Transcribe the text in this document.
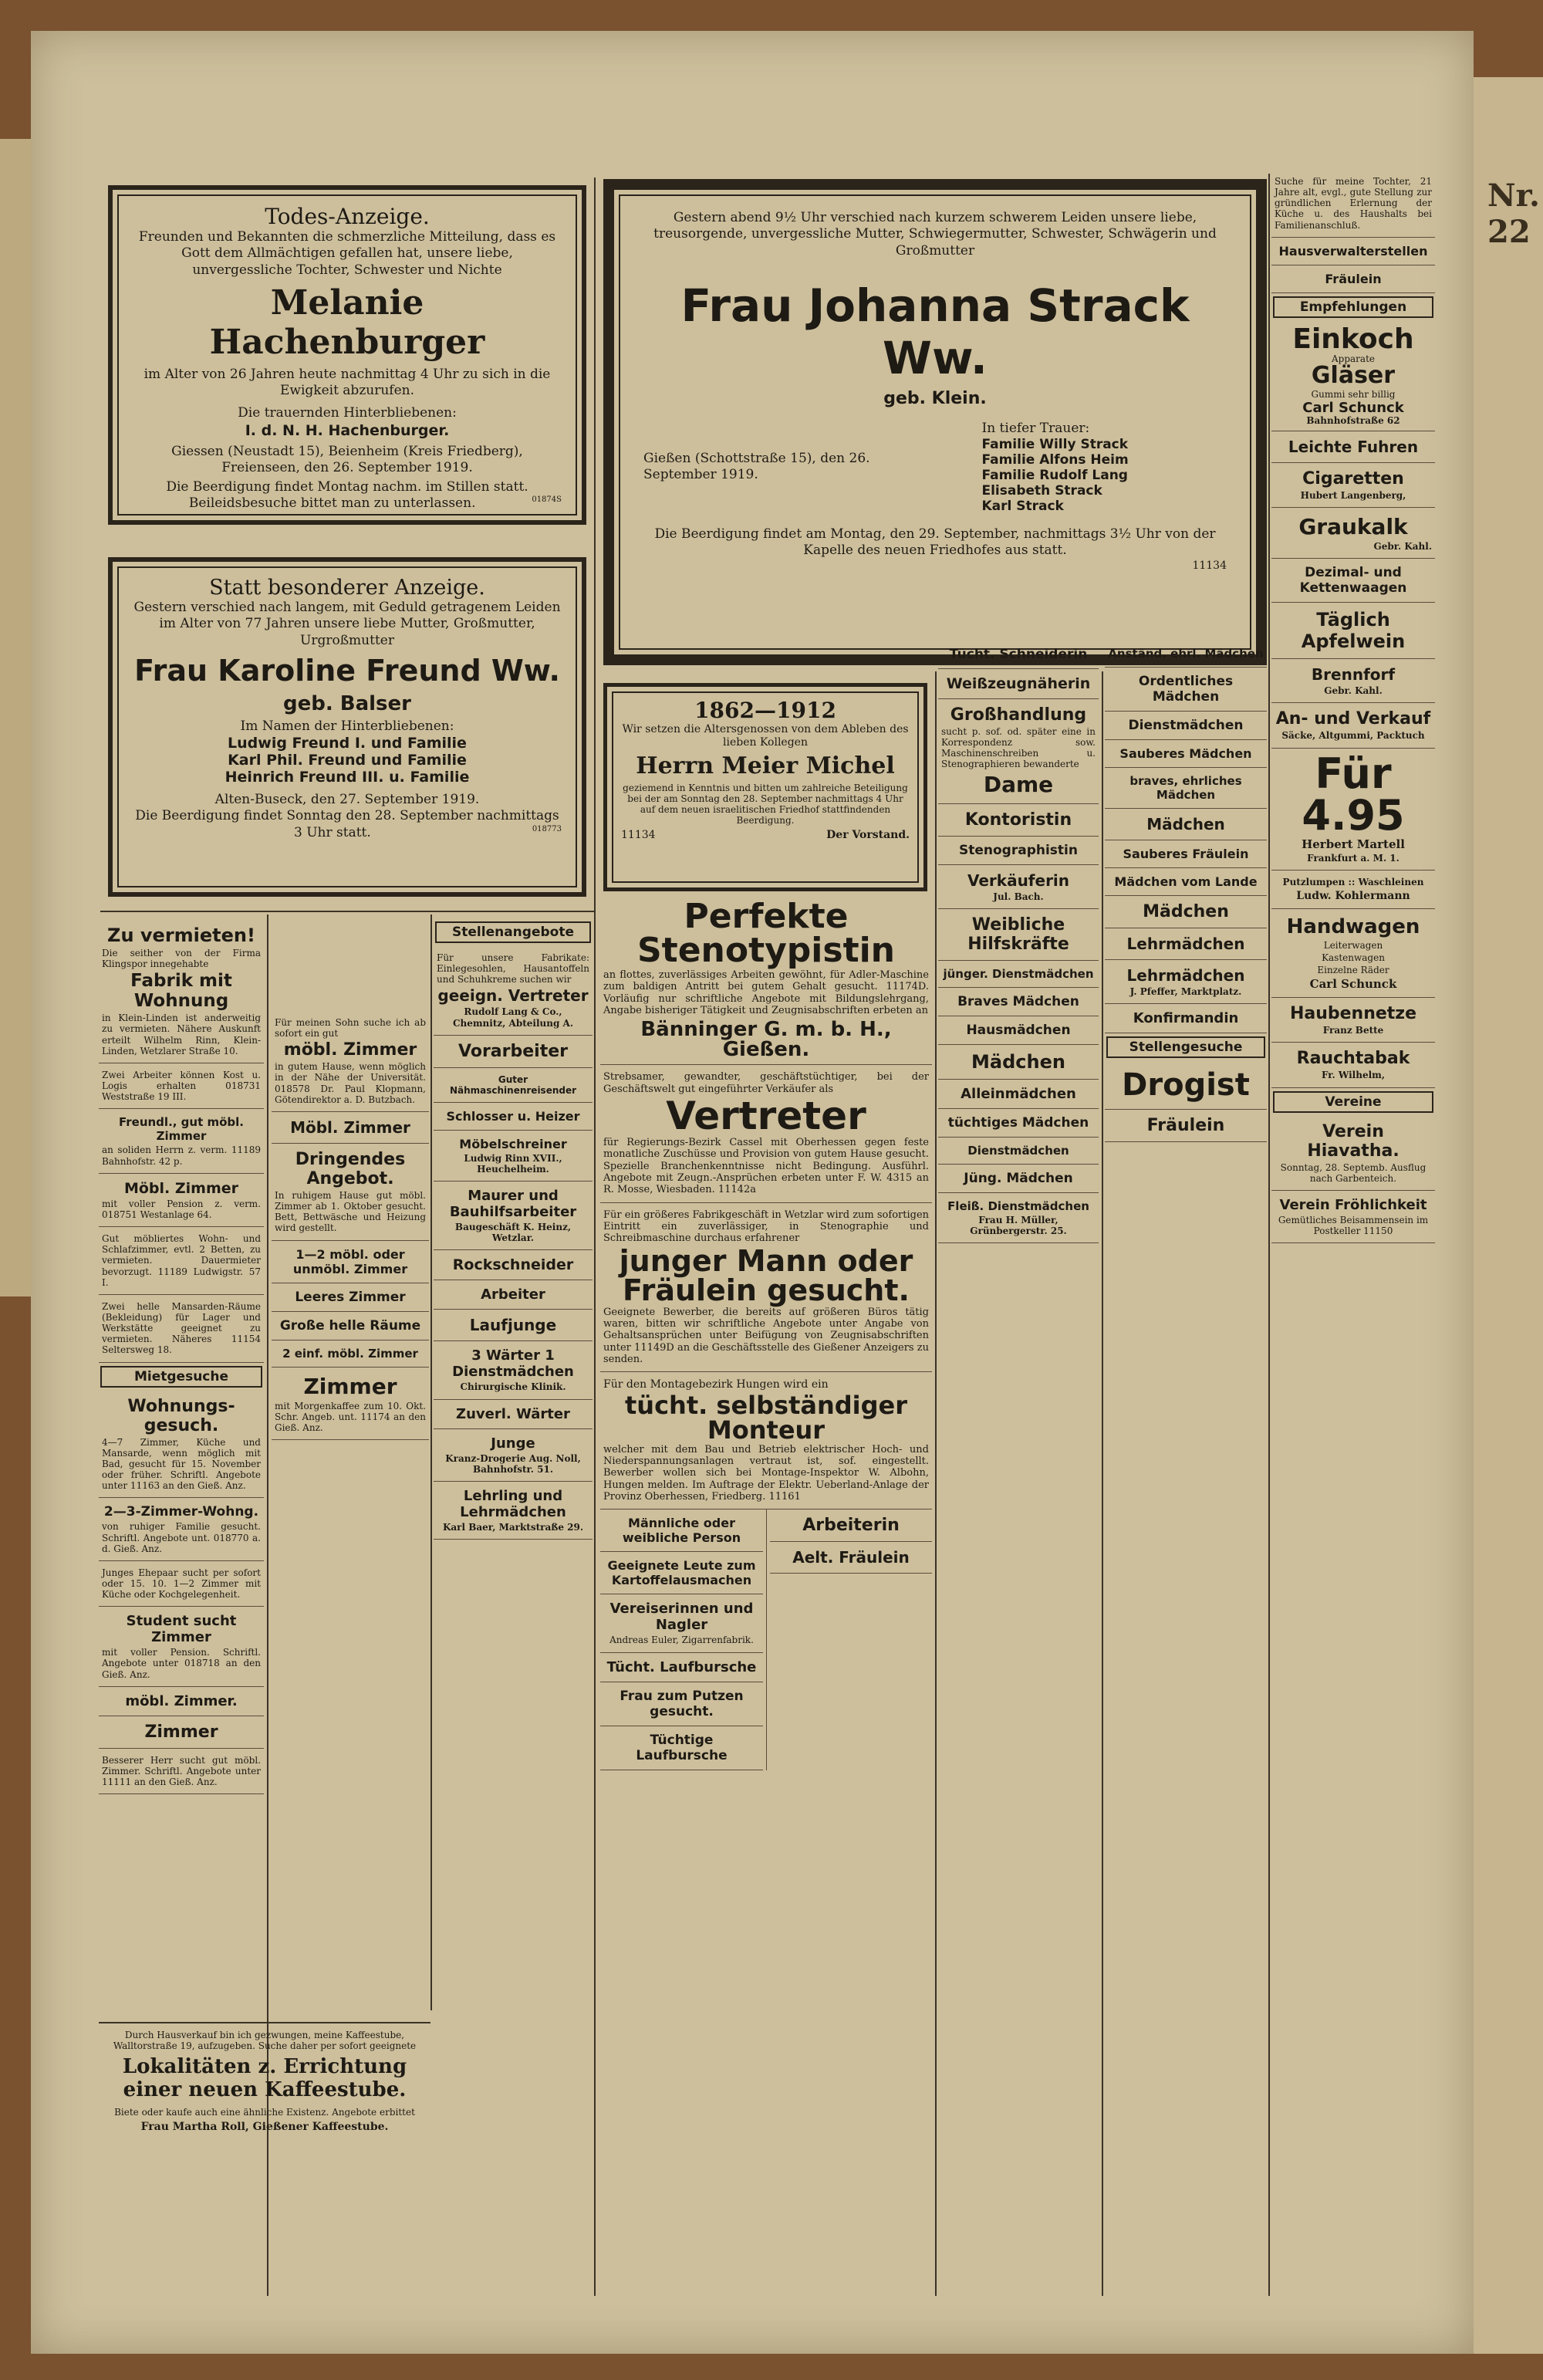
Nr. 22
Todes-Anzeige.
Freunden und Bekannten die schmerzliche Mitteilung, dass es Gott dem Allmächtigen gefallen hat, unsere liebe, unvergessliche Tochter, Schwester und Nichte
Melanie Hachenburger
im Alter von 26 Jahren heute nachmittag 4 Uhr zu sich in die Ewigkeit abzurufen.
Die trauernden Hinterbliebenen:
I. d. N. H. Hachenburger.
Giessen (Neustadt 15), Beienheim (Kreis Friedberg), Freienseen, den 26. September 1919.
Die Beerdigung findet Montag nachm. im Stillen statt.
Beileidsbesuche bittet man zu unterlassen.	01874S
Statt besonderer Anzeige.
Gestern verschied nach langem, mit Geduld getragenem Leiden im Alter von 77 Jahren unsere liebe Mutter, Großmutter, Urgroßmutter
Frau Karoline Freund Ww.
geb. Balser
Im Namen der Hinterbliebenen:
Ludwig Freund I. und Familie
Karl Phil. Freund und Familie
Heinrich Freund III. u. Familie
Alten-Buseck, den 27. September 1919.
Die Beerdigung findet Sonntag den 28. September nachmittags 3 Uhr statt.	018773
Gestern abend 9½ Uhr verschied nach kurzem schwerem Leiden unsere liebe, treusorgende, unvergessliche Mutter, Schwiegermutter, Schwester, Schwägerin und Großmutter
Frau Johanna Strack Ww.
geb. Klein.
Gießen (Schottstraße 15), den 26. September 1919.
In tiefer Trauer:
Familie Willy Strack
Familie Alfons Heim
Familie Rudolf Lang
Elisabeth Strack
Karl Strack
Die Beerdigung findet am Montag, den 29. September, nachmittags 3½ Uhr von der Kapelle des neuen Friedhofes aus statt.
11134
1862—1912
Wir setzen die Altersgenossen von dem Ableben des lieben Kollegen
Herrn Meier Michel
geziemend in Kenntnis und bitten um zahlreiche Beteiligung bei der am Sonntag den 28. September nachmittags 4 Uhr auf dem neuen israelitischen Friedhof stattfindenden Beerdigung.
11134	Der Vorstand.
Zu vermieten!

Die seither von der Firma Klingspor innegehabte

Fabrik mit Wohnung

in Klein-Linden ist anderweitig zu vermieten. Nähere Auskunft erteilt Wilhelm Rinn, Klein-Linden, Wetzlarer Straße 10.

Zwei Arbeiter können Kost u. Logis erhalten 018731 Weststraße 19 III.

Freundl., gut möbl. Zimmer

an soliden Herrn z. verm. 11189 Bahnhofstr. 42 p.

Möbl. Zimmer

mit voller Pension z. verm. 018751 Westanlage 64.

Gut möbliertes Wohn- und Schlafzimmer, evtl. 2 Betten, zu vermieten. Dauermieter bevorzugt. 11189 Ludwigstr. 57 I.

Zwei helle Mansarden-Räume (Bekleidung) für Lager und Werkstätte geeignet zu vermieten. Näheres 11154 Seltersweg 18.

Mietgesuche
Wohnungs-gesuch.

4—7 Zimmer, Küche und Mansarde, wenn möglich mit Bad, gesucht für 15. November oder früher. Schriftl. Angebote unter 11163 an den Gieß. Anz.

2—3-Zimmer-Wohng.

von ruhiger Familie gesucht. Schriftl. Angebote unt. 018770 a. d. Gieß. Anz.

Junges Ehepaar sucht per sofort oder 15. 10. 1—2 Zimmer mit Küche oder Kochgelegenheit.

Student sucht Zimmer

mit voller Pension. Schriftl. Angebote unter 018718 an den Gieß. Anz.

möbl. Zimmer.
Zimmer

Besserer Herr sucht gut möbl. Zimmer. Schriftl. Angebote unter 11111 an den Gieß. Anz.

Durch Hausverkauf bin ich gezwungen, meine Kaffeestube, Walltorstraße 19, aufzugeben. Suche daher per sofort geeignete

Lokalitäten z. Errichtung einer neuen Kaffeestube.

Biete oder kaufe auch eine ähnliche Existenz. Angebote erbittet

Frau Martha Roll, Gießener Kaffeestube.

Für meinen Sohn suche ich ab sofort ein gut

möbl. Zimmer

in gutem Hause, wenn möglich in der Nähe der Universität. 018578 Dr. Paul Klopmann, Götendirektor a. D. Butzbach.

Möbl. Zimmer
Dringendes Angebot.

In ruhigem Hause gut möbl. Zimmer ab 1. Oktober gesucht. Bett, Bettwäsche und Heizung wird gestellt.

1—2 möbl. oder unmöbl. Zimmer
Leeres Zimmer
Große helle Räume
2 einf. möbl. Zimmer
Zimmer

mit Morgenkaffee zum 10. Okt. Schr. Angeb. unt. 11174 an den Gieß. Anz.

Stellenangebote

Für unsere Fabrikate: Einlegesohlen, Hausantoffeln und Schuhkreme suchen wir

geeign. Vertreter

Rudolf Lang & Co., Chemnitz, Abteilung A.

Vorarbeiter
Guter Nähmaschinenreisender
Schlosser u. Heizer
Möbelschreiner

Ludwig Rinn XVII., Heuchelheim.

Maurer und Bauhilfsarbeiter

Baugeschäft K. Heinz, Wetzlar.

Rockschneider
Arbeiter
Laufjunge
3 Wärter 1 Dienstmädchen

Chirurgische Klinik.

Zuverl. Wärter
Junge

Kranz-Drogerie Aug. Noll, Bahnhofstr. 51.

Lehrling und Lehrmädchen

Karl Baer, Marktstraße 29.

Perfekte Stenotypistin

an flottes, zuverlässiges Arbeiten gewöhnt, für Adler-Maschine zum baldigen Antritt bei gutem Gehalt gesucht. 11174D. Vorläufig nur schriftliche Angebote mit Bildungslehrgang, Angabe bisheriger Tätigkeit und Zeugnisabschriften erbeten an

Bänninger G. m. b. H., Gießen.

Strebsamer, gewandter, geschäftstüchtiger, bei der Geschäftswelt gut eingeführter Verkäufer als

Vertreter

für Regierungs-Bezirk Cassel mit Oberhessen gegen feste monatliche Zuschüsse und Provision von gutem Hause gesucht. Spezielle Branchenkenntnisse nicht Bedingung. Ausführl. Angebote mit Zeugn.-Ansprüchen erbeten unter F. W. 4315 an R. Mosse, Wiesbaden. 11142a

Für ein größeres Fabrikgeschäft in Wetzlar wird zum sofortigen Eintritt ein zuverlässiger, in Stenographie und Schreibmaschine durchaus erfahrener

junger Mann oder Fräulein gesucht.

Geeignete Bewerber, die bereits auf größeren Büros tätig waren, bitten wir schriftliche Angebote unter Angabe von Gehaltsansprüchen unter Beifügung von Zeugnisabschriften unter 11149D an die Geschäftsstelle des Gießener Anzeigers zu senden.

Für den Montagebezirk Hungen wird ein

tücht. selbständiger Monteur

welcher mit dem Bau und Betrieb elektrischer Hoch- und Niederspannungsanlagen vertraut ist, sof. eingestellt. Bewerber wollen sich bei Montage-Inspektor W. Albohn, Hungen melden. Im Auftrage der Elektr. Ueberland-Anlage der Provinz Oberhessen, Friedberg. 11161

Männliche oder weibliche Person
Geeignete Leute zum Kartoffelausmachen
Vereiserinnen und Nagler

Andreas Euler, Zigarrenfabrik.

Tücht. Laufbursche
Frau zum Putzen gesucht.
Tüchtige Laufbursche
Arbeiterin
Aelt. Fräulein
Tücht. Schneiderin
Weißzeugnäherin
Großhandlung

sucht p. sof. od. später eine in Korrespondenz sow. Maschinenschreiben u. Stenographieren bewanderte

Dame
Kontoristin
Stenographistin
Verkäuferin

Jul. Bach.

Weibliche Hilfskräfte
jünger. Dienstmädchen
Braves Mädchen
Hausmädchen
Mädchen
Alleinmädchen
tüchtiges Mädchen
Dienstmädchen
Jüng. Mädchen
Fleiß. Dienstmädchen

Frau H. Müller, Grünbergerstr. 25.

Anständ. ehrl. Mädchen
Ordentliches Mädchen
Dienstmädchen
Sauberes Mädchen
braves, ehrliches Mädchen
Mädchen
Sauberes Fräulein
Mädchen vom Lande
Mädchen
Lehrmädchen
Lehrmädchen

J. Pfeffer, Marktplatz.

Konfirmandin
Stellengesuche
Drogist
Fräulein

Suche für meine Tochter, 21 Jahre alt, evgl., gute Stellung zur gründlichen Erlernung der Küche u. des Haushalts bei Familienanschluß.

Hausverwalterstellen
Fräulein
Empfehlungen
Einkoch
Apparate
Gläser

Gummi sehr billig

Carl Schunck
Bahnhofstraße 62
Leichte Fuhren
Cigaretten

Hubert Langenberg,

Graukalk

Gebr. Kahl.

Dezimal- und Kettenwaagen
Täglich Apfelwein
Brennforf

Gebr. Kahl.

An- und Verkauf

Säcke, Altgummi, Packtuch

Für 4.95

Herbert Martell

Frankfurt a. M. 1.

Putzlumpen :: Waschleinen

Ludw. Kohlermann

Handwagen

Leiterwagen

Kastenwagen

Einzelne Räder

Carl Schunck

Haubennetze

Franz Bette

Rauchtabak

Fr. Wilhelm,

Vereine
Verein Hiavatha.

Sonntag, 28. Septemb. Ausflug nach Garbenteich.

Verein Fröhlichkeit

Gemütliches Beisammensein im Postkeller 11150
